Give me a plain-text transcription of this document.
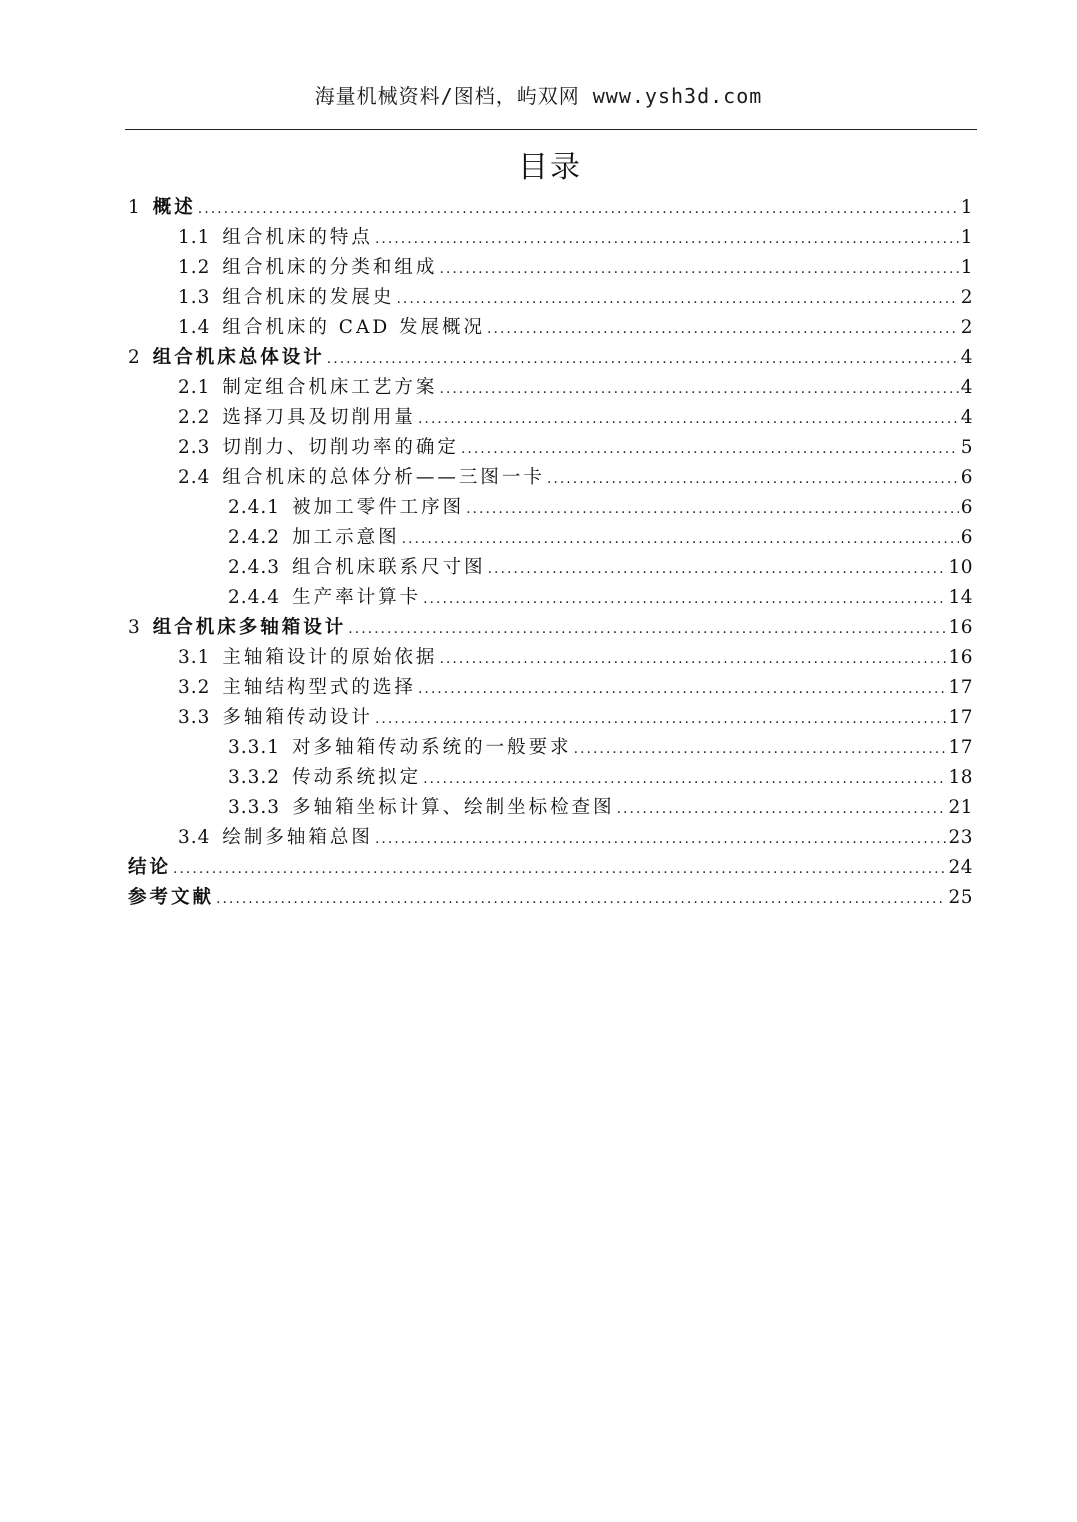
海量机械资料/图档，屿双网 www.ysh3d.com
目录
1 概述 .....	1
1.1 组合机床的特点 .....	1
1.2 组合机床的分类和组成 .....	1
1.3 组合机床的发展史 .....	2
1.4 组合机床的 CAD 发展概况 .....	2
2 组合机床总体设计 .....	4
2.1 制定组合机床工艺方案 .....	4
2.2 选择刀具及切削用量 .....	4
2.3 切削力、切削功率的确定 .....	5
2.4 组合机床的总体分析——三图一卡 .....	6
2.4.1 被加工零件工序图 .....	6
2.4.2 加工示意图 .....	6
2.4.3 组合机床联系尺寸图 .....	10
2.4.4 生产率计算卡 .....	14
3 组合机床多轴箱设计 .....	16
3.1 主轴箱设计的原始依据 .....	16
3.2 主轴结构型式的选择 .....	17
3.3 多轴箱传动设计 .....	17
3.3.1 对多轴箱传动系统的一般要求 .....	17
3.3.2 传动系统拟定 .....	18
3.3.3 多轴箱坐标计算、绘制坐标检查图 .....	21
3.4 绘制多轴箱总图 .....	23
结论 .....	24
参考文献 .....	25
